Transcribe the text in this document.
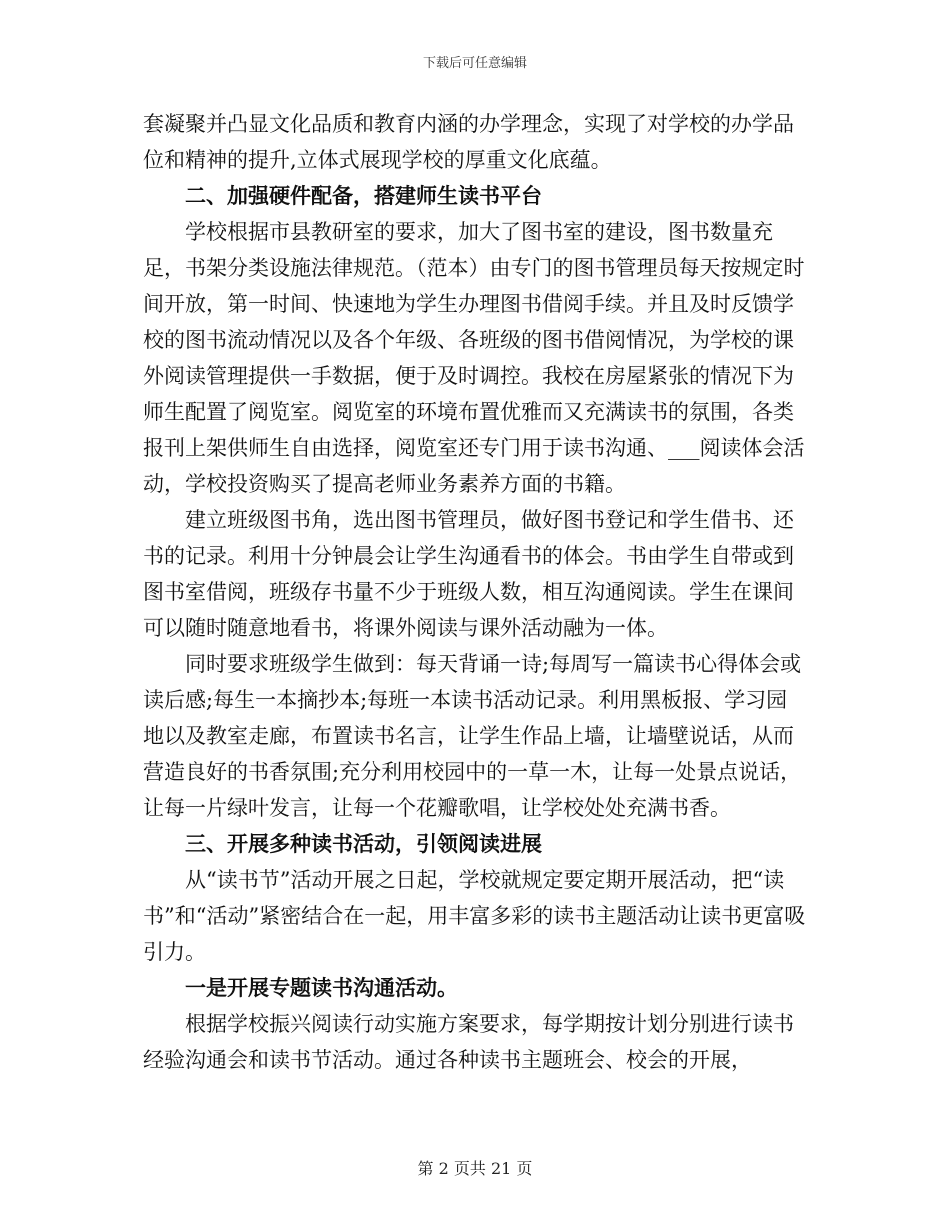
下载后可任意编辑

套凝聚并凸显文化品质和教育内涵的办学理念，实现了对学校的办学品位和精神的提升,立体式展现学校的厚重文化底蕴。

二、加强硬件配备，搭建师生读书平台

学校根据市县教研室的要求，加大了图书室的建设，图书数量充足，书架分类设施法律规范。（范本）由专门的图书管理员每天按规定时间开放，第一时间、快速地为学生办理图书借阅手续。并且及时反馈学校的图书流动情况以及各个年级、各班级的图书借阅情况，为学校的课外阅读管理提供一手数据，便于及时调控。我校在房屋紧张的情况下为师生配置了阅览室。阅览室的环境布置优雅而又充满读书的氛围，各类报刊上架供师生自由选择，阅览室还专门用于读书沟通、___阅读体会活动，学校投资购买了提高老师业务素养方面的书籍。

建立班级图书角，选出图书管理员，做好图书登记和学生借书、还书的记录。利用十分钟晨会让学生沟通看书的体会。书由学生自带或到图书室借阅，班级存书量不少于班级人数，相互沟通阅读。学生在课间可以随时随意地看书，将课外阅读与课外活动融为一体。

同时要求班级学生做到：每天背诵一诗;每周写一篇读书心得体会或读后感;每生一本摘抄本;每班一本读书活动记录。利用黑板报、学习园地以及教室走廊，布置读书名言，让学生作品上墙，让墙壁说话，从而营造良好的书香氛围;充分利用校园中的一草一木，让每一处景点说话，让每一片绿叶发言，让每一个花瓣歌唱，让学校处处充满书香。

三、开展多种读书活动，引领阅读进展

从“读书节”活动开展之日起，学校就规定要定期开展活动，把“读书”和“活动”紧密结合在一起，用丰富多彩的读书主题活动让读书更富吸引力。

一是开展专题读书沟通活动。

根据学校振兴阅读行动实施方案要求，每学期按计划分别进行读书经验沟通会和读书节活动。通过各种读书主题班会、校会的开展，

第 2 页共 21 页
